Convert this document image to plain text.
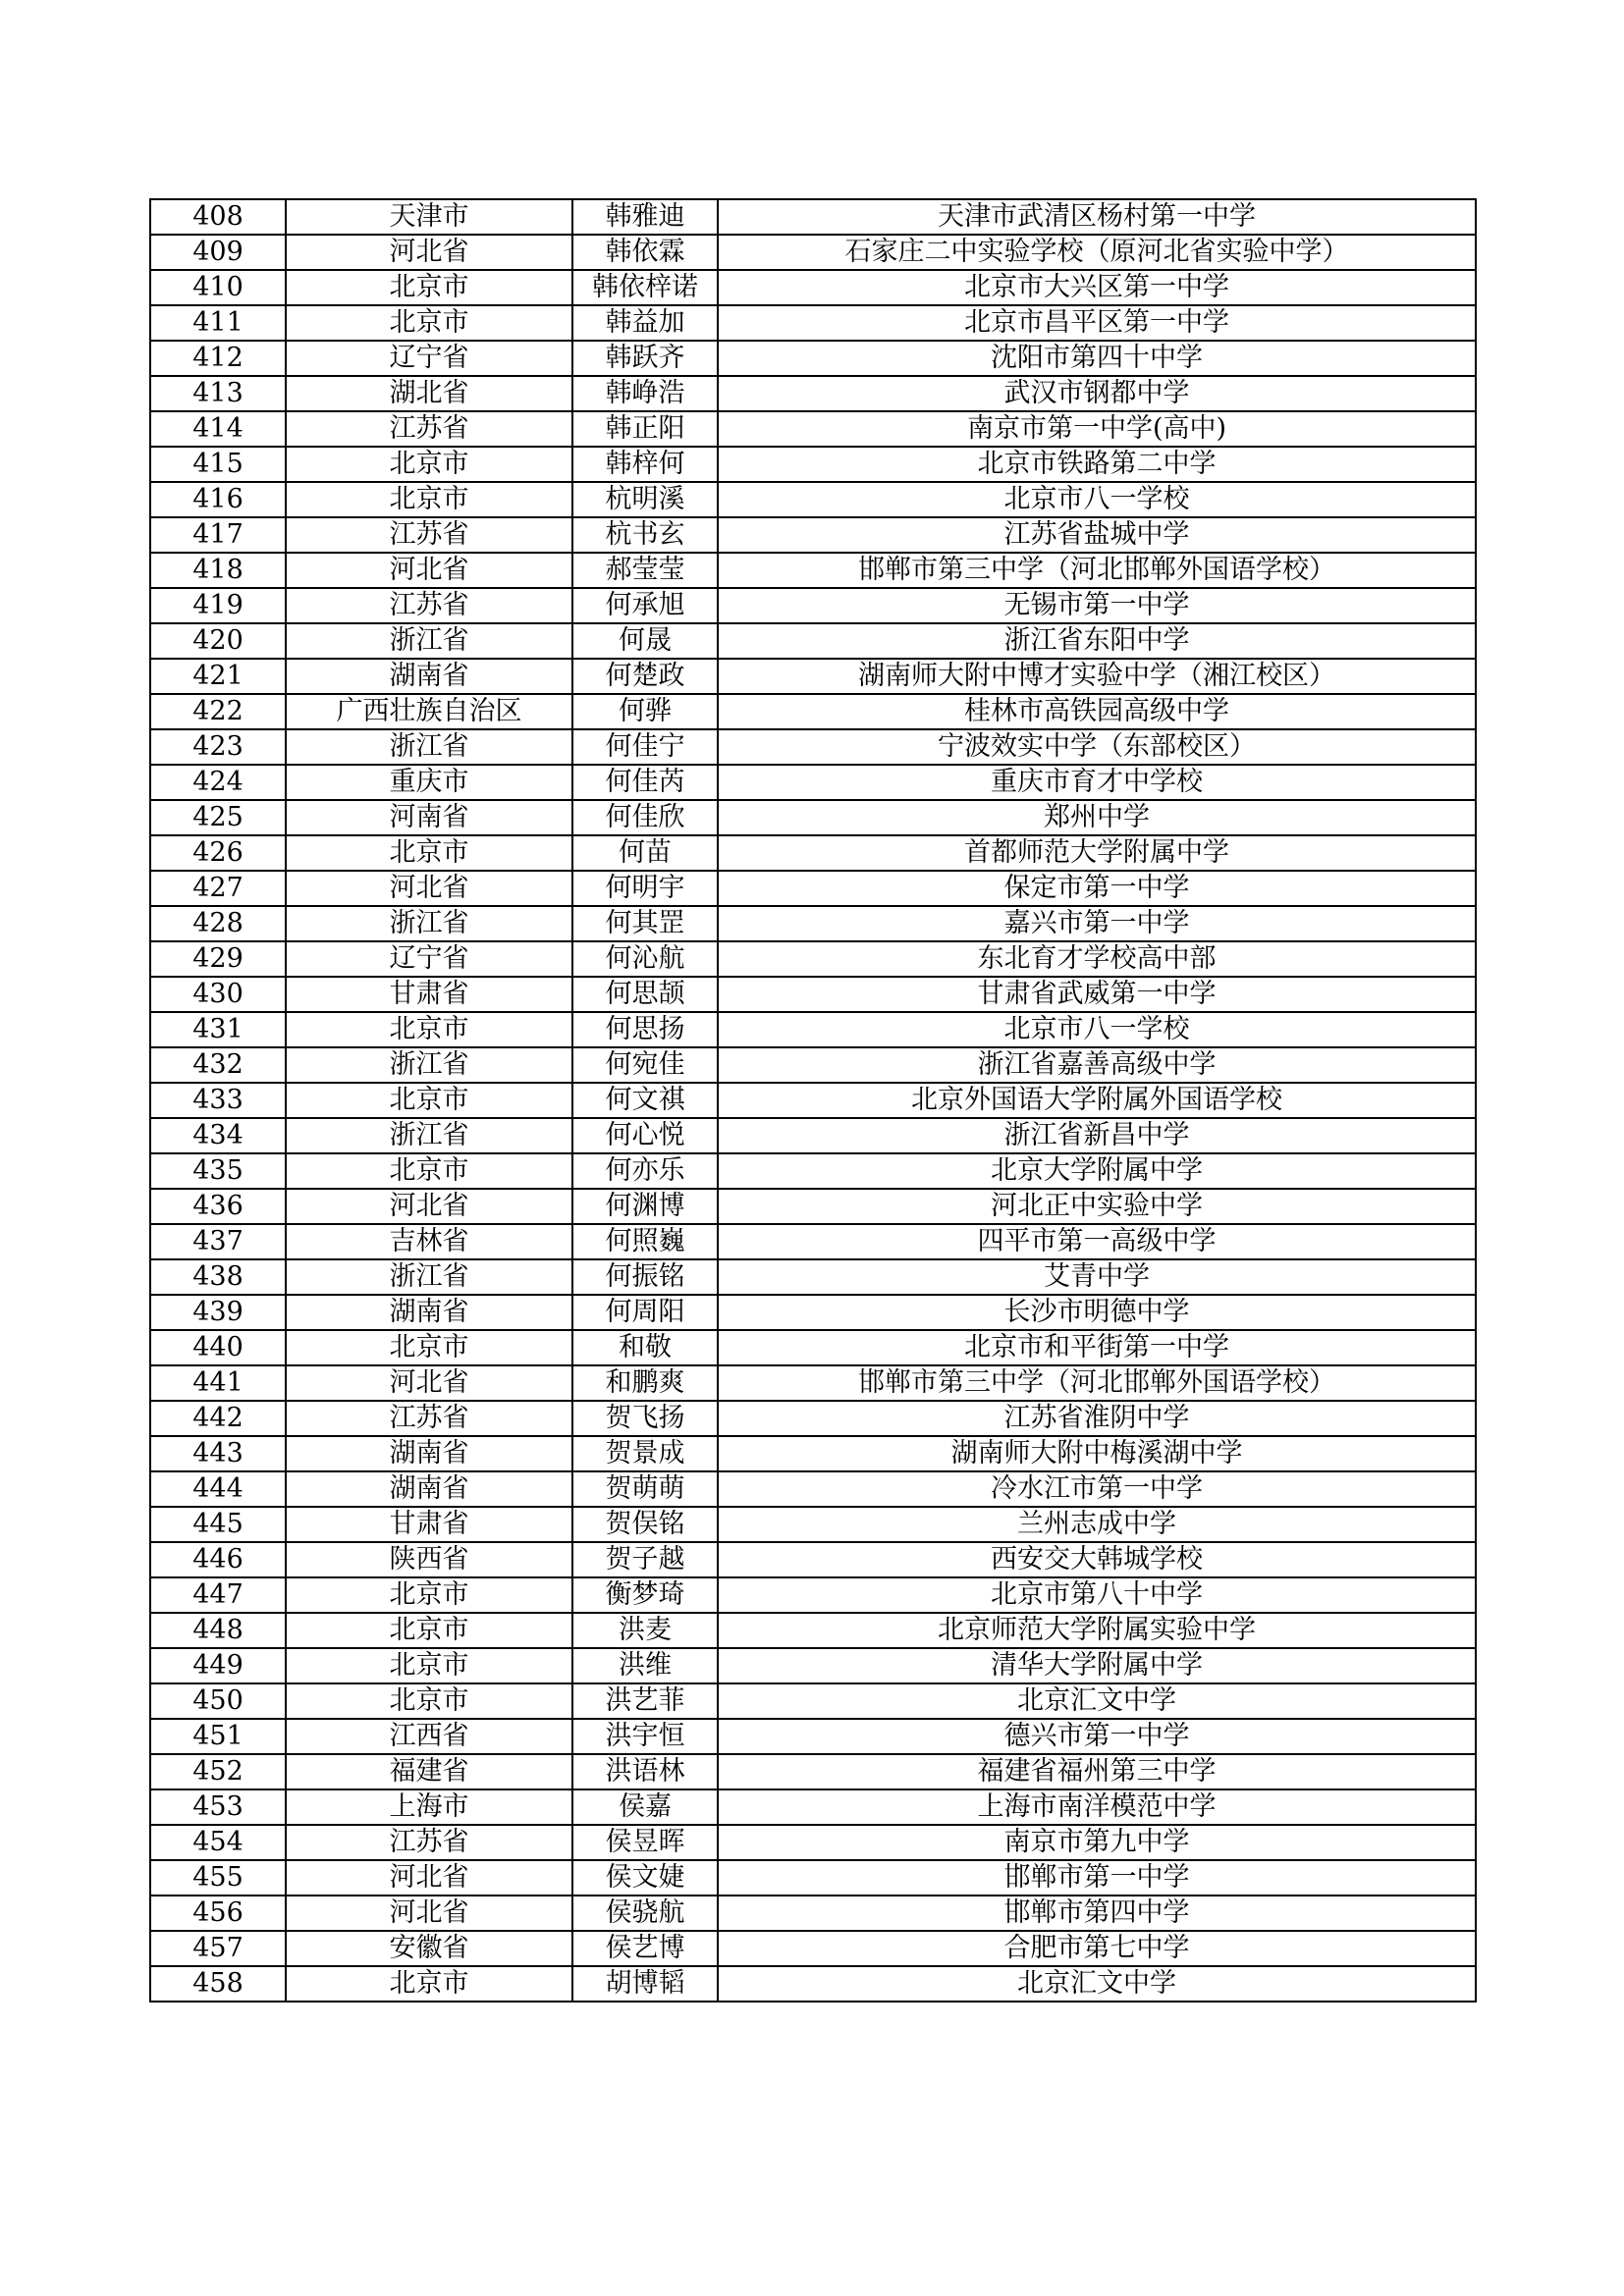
408	天津市	韩雅迪	天津市武清区杨村第一中学
409	河北省	韩依霖	石家庄二中实验学校（原河北省实验中学）
410	北京市	韩依梓诺	北京市大兴区第一中学
411	北京市	韩益加	北京市昌平区第一中学
412	辽宁省	韩跃齐	沈阳市第四十中学
413	湖北省	韩峥浩	武汉市钢都中学
414	江苏省	韩正阳	南京市第一中学(高中)
415	北京市	韩梓何	北京市铁路第二中学
416	北京市	杭明溪	北京市八一学校
417	江苏省	杭书玄	江苏省盐城中学
418	河北省	郝莹莹	邯郸市第三中学（河北邯郸外国语学校）
419	江苏省	何承旭	无锡市第一中学
420	浙江省	何晟	浙江省东阳中学
421	湖南省	何楚政	湖南师大附中博才实验中学（湘江校区）
422	广西壮族自治区	何骅	桂林市高铁园高级中学
423	浙江省	何佳宁	宁波效实中学（东部校区）
424	重庆市	何佳芮	重庆市育才中学校
425	河南省	何佳欣	郑州中学
426	北京市	何苗	首都师范大学附属中学
427	河北省	何明宇	保定市第一中学
428	浙江省	何其罡	嘉兴市第一中学
429	辽宁省	何沁航	东北育才学校高中部
430	甘肃省	何思颉	甘肃省武威第一中学
431	北京市	何思扬	北京市八一学校
432	浙江省	何宛佳	浙江省嘉善高级中学
433	北京市	何文祺	北京外国语大学附属外国语学校
434	浙江省	何心悦	浙江省新昌中学
435	北京市	何亦乐	北京大学附属中学
436	河北省	何渊博	河北正中实验中学
437	吉林省	何照巍	四平市第一高级中学
438	浙江省	何振铭	艾青中学
439	湖南省	何周阳	长沙市明德中学
440	北京市	和敬	北京市和平街第一中学
441	河北省	和鹏爽	邯郸市第三中学（河北邯郸外国语学校）
442	江苏省	贺飞扬	江苏省淮阴中学
443	湖南省	贺景成	湖南师大附中梅溪湖中学
444	湖南省	贺萌萌	冷水江市第一中学
445	甘肃省	贺俣铭	兰州志成中学
446	陕西省	贺子越	西安交大韩城学校
447	北京市	衡梦琦	北京市第八十中学
448	北京市	洪麦	北京师范大学附属实验中学
449	北京市	洪维	清华大学附属中学
450	北京市	洪艺菲	北京汇文中学
451	江西省	洪宇恒	德兴市第一中学
452	福建省	洪语林	福建省福州第三中学
453	上海市	侯嘉	上海市南洋模范中学
454	江苏省	侯昱晖	南京市第九中学
455	河北省	侯文婕	邯郸市第一中学
456	河北省	侯骁航	邯郸市第四中学
457	安徽省	侯艺博	合肥市第七中学
458	北京市	胡博韬	北京汇文中学
